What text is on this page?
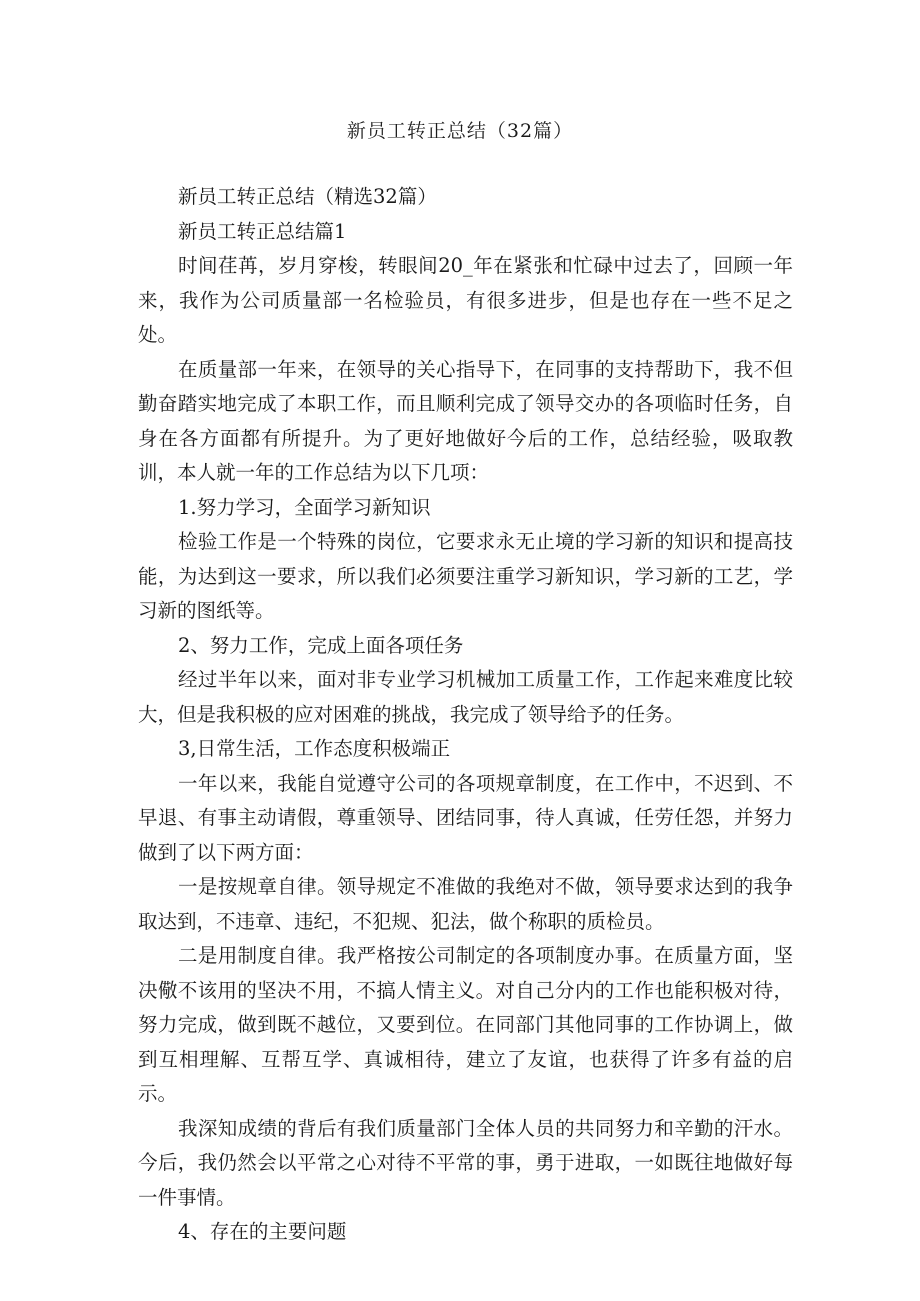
新员工转正总结（32篇）

新员工转正总结（精选32篇）

新员工转正总结篇1

时间荏苒，岁月穿梭，转眼间20_年在紧张和忙碌中过去了，回顾一年来，我作为公司质量部一名检验员，有很多进步，但是也存在一些不足之处。

在质量部一年来，在领导的关心指导下，在同事的支持帮助下，我不但勤奋踏实地完成了本职工作，而且顺利完成了领导交办的各项临时任务，自身在各方面都有所提升。为了更好地做好今后的工作，总结经验，吸取教训，本人就一年的工作总结为以下几项：

1.努力学习，全面学习新知识

检验工作是一个特殊的岗位，它要求永无止境的学习新的知识和提高技能，为达到这一要求，所以我们必须要注重学习新知识，学习新的工艺，学习新的图纸等。

2、努力工作，完成上面各项任务

经过半年以来，面对非专业学习机械加工质量工作，工作起来难度比较大，但是我积极的应对困难的挑战，我完成了领导给予的任务。

3,日常生活，工作态度积极端正

一年以来，我能自觉遵守公司的各项规章制度，在工作中，不迟到、不早退、有事主动请假，尊重领导、团结同事，待人真诚，任劳任怨，并努力做到了以下两方面：

一是按规章自律。领导规定不准做的我绝对不做，领导要求达到的我争取达到，不违章、违纪，不犯规、犯法，做个称职的质检员。

二是用制度自律。我严格按公司制定的各项制度办事。在质量方面，坚决儆不该用的坚决不用，不搞人情主义。对自己分内的工作也能积极对待，努力完成，做到既不越位，又要到位。在同部门其他同事的工作协调上，做到互相理解、互帮互学、真诚相待，建立了友谊，也获得了许多有益的启示。

我深知成绩的背后有我们质量部门全体人员的共同努力和辛勤的汗水。今后，我仍然会以平常之心对待不平常的事，勇于进取，一如既往地做好每一件事情。

4、存在的主要问题
